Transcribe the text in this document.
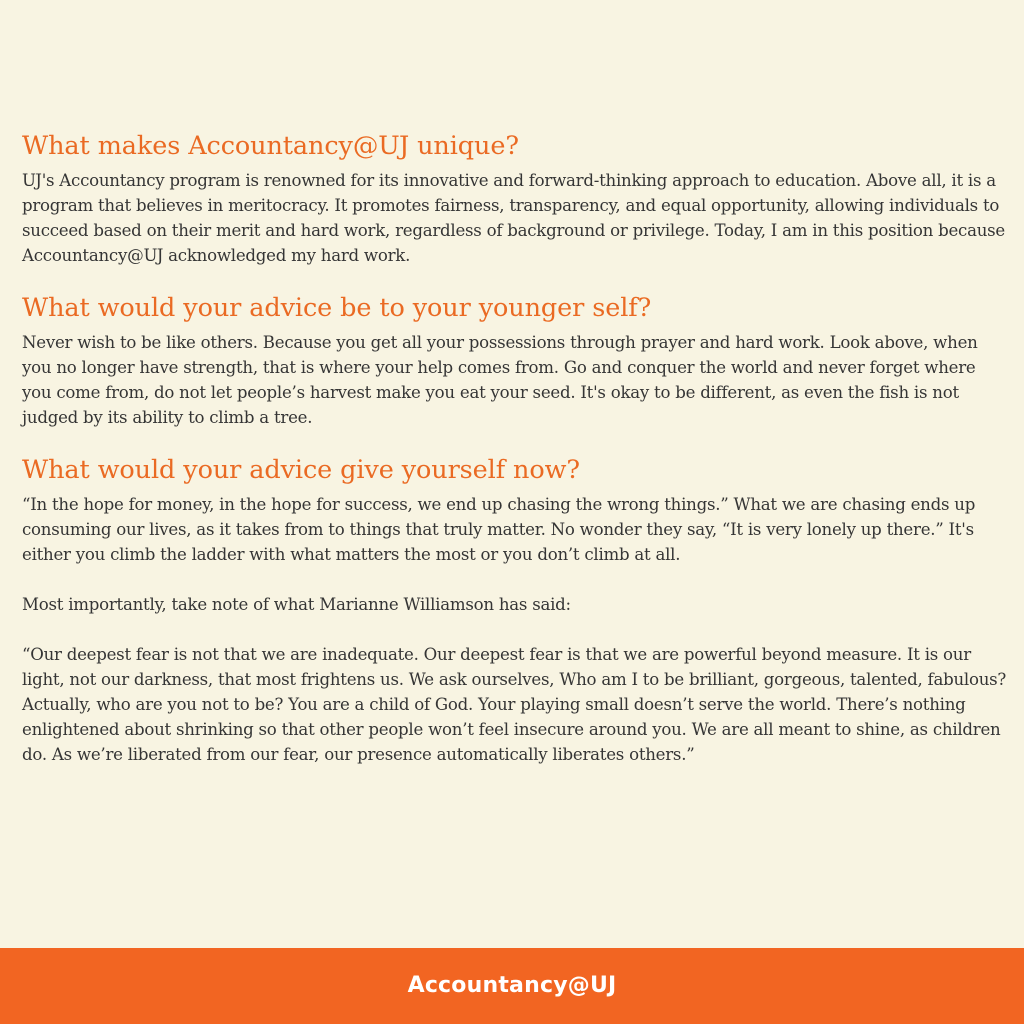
What makes Accountancy@UJ unique?

UJ's Accountancy program is renowned for its innovative and forward-thinking approach to education. Above all, it is a program that believes in meritocracy. It promotes fairness, transparency, and equal opportunity, allowing individuals to succeed based on their merit and hard work, regardless of background or privilege. Today, I am in this position because
Accountancy@UJ acknowledged my hard work.

What would your advice be to your younger self?

Never wish to be like others. Because you get all your possessions through prayer and hard work. Look above, when you no longer have strength, that is where your help comes from. Go and conquer the world and never forget where you come from, do not let people’s harvest make you eat your seed. It's okay to be different, as even the fish is not judged by its ability to climb a tree.

What would your advice give yourself now?

“In the hope for money, in the hope for success, we end up chasing the wrong things.” What we are chasing ends up consuming our lives, as it takes from to things that truly matter. No wonder they say, “It is very lonely up there.” It's either you climb the ladder with what matters the most or you don’t climb at all.

Most importantly, take note of what Marianne Williamson has said:

“Our deepest fear is not that we are inadequate. Our deepest fear is that we are powerful beyond measure. It is our light, not our darkness, that most frightens us. We ask ourselves, Who am I to be brilliant, gorgeous, talented, fabulous? Actually, who are you not to be? You are a child of God. Your playing small doesn’t serve the world. There’s nothing enlightened about shrinking so that other people won’t feel insecure around you. We are all meant to shine, as children do. As we’re liberated from our fear, our presence automatically liberates others.”

Accountancy@UJ
